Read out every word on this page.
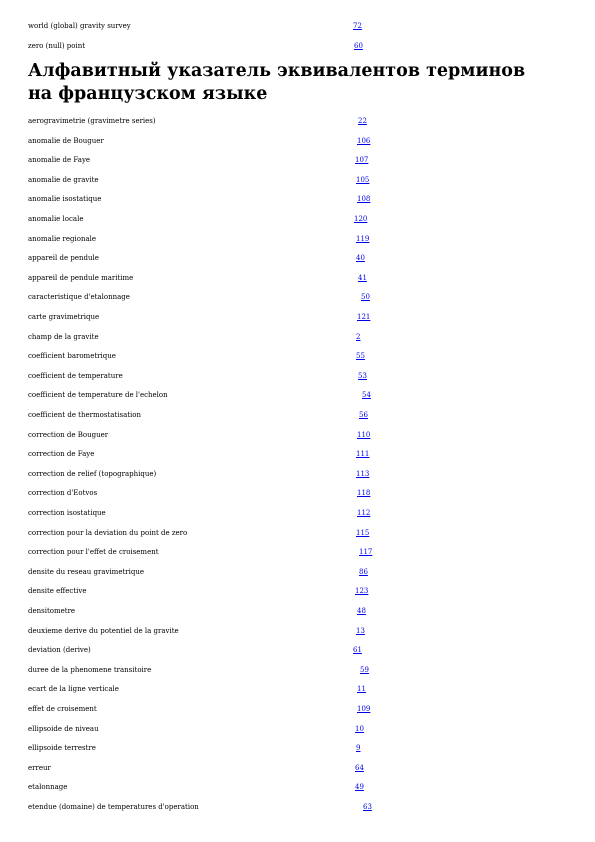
world (global) gravity survey	72
zero (null) point	60
Алфавитный указатель эквивалентов терминов на французском языке
aerogravimetrie (gravimetre series)	22
anomalie de Bouguer	106
anomalie de Faye	107
anomalie de gravite	105
anomalie isostatique	108
anomalie locale	120
anomalie regionale	119
appareil de pendule	40
appareil de pendule maritime	41
caracteristique d'etalonnage	50
carte gravimetrique	121
champ de la gravite	2
coefficient barometrique	55
coefficient de temperature	53
coefficient de temperature de l'echelon	54
coefficient de thermostatisation	56
correction de Bouguer	110
correction de Faye	111
correction de relief (topographique)	113
correction d'Eotvos	118
correction isostatique	112
correction pour la deviation du point de zero	115
correction pour l'effet de croisement	117
densite du reseau gravimetrique	86
densite effective	123
densitometre	48
deuxieme derive du potentiel de la gravite	13
deviation (derive)	61
duree de la phenomene transitoire	59
ecart de la ligne verticale	11
effet de croisement	109
ellipsoide de niveau	10
ellipsoide terrestre	9
erreur	64
etalonnage	49
etendue (domaine) de temperatures d'operation	63
